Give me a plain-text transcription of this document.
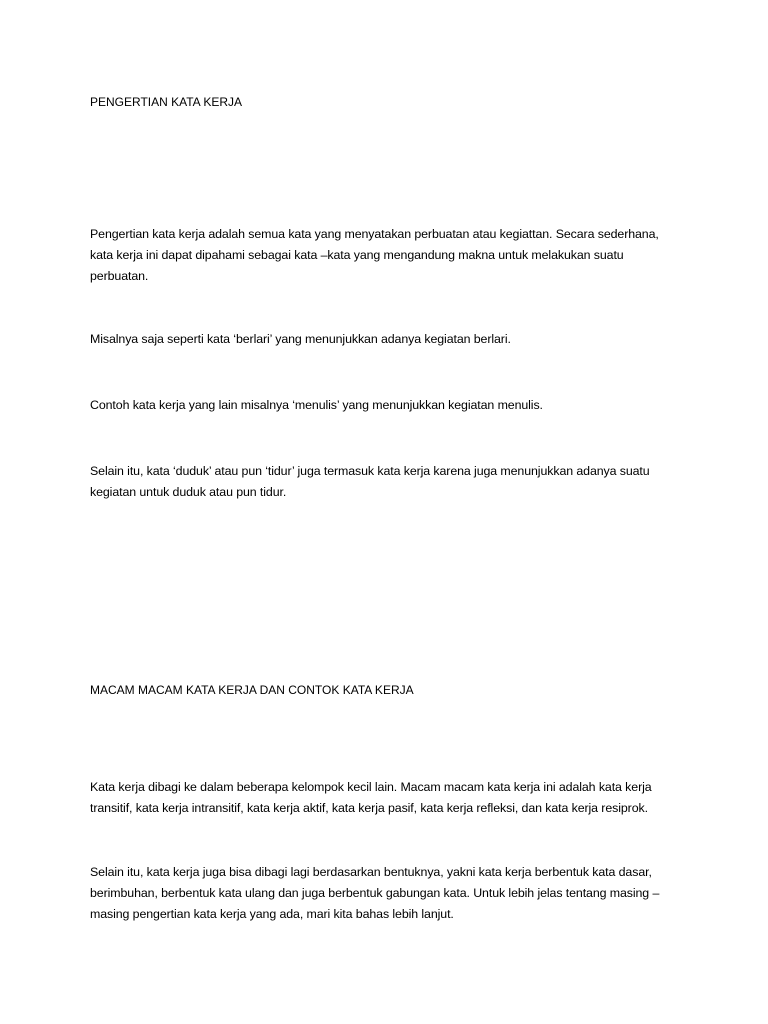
PENGERTIAN KATA KERJA

Pengertian kata kerja adalah semua kata yang menyatakan perbuatan atau kegiattan. Secara sederhana, kata kerja ini dapat dipahami sebagai kata –kata yang mengandung makna untuk melakukan suatu perbuatan.

Misalnya saja seperti kata ‘berlari’ yang menunjukkan adanya kegiatan berlari.

Contoh kata kerja yang lain misalnya ‘menulis’ yang menunjukkan kegiatan menulis.

Selain itu, kata ‘duduk’ atau pun ‘tidur’ juga termasuk kata kerja karena juga menunjukkan adanya suatu kegiatan untuk duduk atau pun tidur.

MACAM MACAM KATA KERJA DAN CONTOK KATA KERJA

Kata kerja dibagi ke dalam beberapa kelompok kecil lain. Macam macam kata kerja ini adalah kata kerja transitif, kata kerja intransitif, kata kerja aktif, kata kerja pasif, kata kerja refleksi, dan kata kerja resiprok.

Selain itu, kata kerja juga bisa dibagi lagi berdasarkan bentuknya, yakni kata kerja berbentuk kata dasar, berimbuhan, berbentuk kata ulang dan juga berbentuk gabungan kata. Untuk lebih jelas tentang masing – masing pengertian kata kerja yang ada, mari kita bahas lebih lanjut.
